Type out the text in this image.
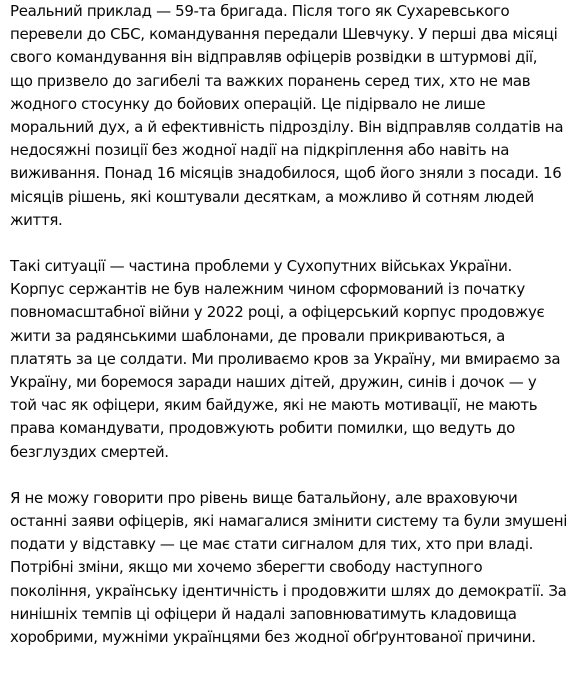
Реальний приклад — 59-та бригада. Після того як Сухаревського
перевели до СБС, командування передали Шевчуку. У перші два місяці
свого командування він відправляв офіцерів розвідки в штурмові дії,
що призвело до загибелі та важких поранень серед тих, хто не мав
жодного стосунку до бойових операцій. Це підірвало не лише
моральний дух, а й ефективність підрозділу. Він відправляв солдатів на
недосяжні позиції без жодної надії на підкріплення або навіть на
виживання. Понад 16 місяців знадобилося, щоб його зняли з посади. 16
місяців рішень, які коштували десяткам, а можливо й сотням людей
життя.

Такі ситуації — частина проблеми у Сухопутних військах України.
Корпус сержантів не був належним чином сформований із початку
повномасштабної війни у 2022 році, а офіцерський корпус продовжує
жити за радянськими шаблонами, де провали прикриваються, а
платять за це солдати. Ми проливаємо кров за Україну, ми вмираємо за
Україну, ми боремося заради наших дітей, дружин, синів і дочок — у
той час як офіцери, яким байдуже, які не мають мотивації, не мають
права командувати, продовжують робити помилки, що ведуть до
безглуздих смертей.

Я не можу говорити про рівень вище батальйону, але враховуючи
останні заяви офіцерів, які намагалися змінити систему та були змушені
подати у відставку — це має стати сигналом для тих, хто при владі.
Потрібні зміни, якщо ми хочемо зберегти свободу наступного
покоління, українську ідентичність і продовжити шлях до демократії. За
нинішніх темпів ці офіцери й надалі заповнюватимуть кладовища
хоробрими, мужніми українцями без жодної обґрунтованої причини.
